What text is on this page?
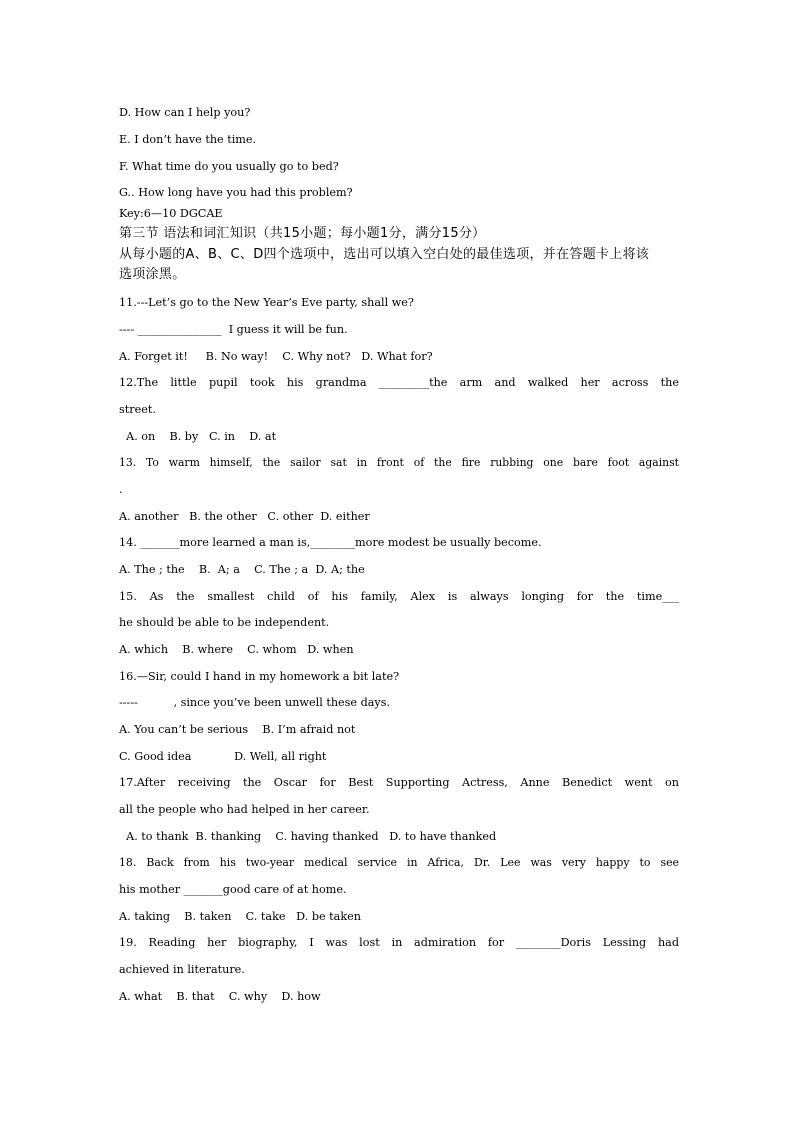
D. How can I help you?
E. I don’t have the time.
F. What time do you usually go to bed?
G.. How long have you had this problem?
Key:6—10 DGCAE
第三节 语法和词汇知识（共15小题；每小题1分，满分15分）
从每小题的A、B、C、D四个选项中，选出可以填入空白处的最佳选项，并在答题卡上将该
选项涂黑。
11.---Let’s go to the New Year’s Eve party, shall we?
---- _______________  I guess it will be fun.
A. Forget it!     B. No way!    C. Why not?   D. What for?
12.The little pupil took his grandma _________the arm and walked her across the
street.
A. on    B. by   C. in    D. at
13. To warm himself, the sailor sat in front of the fire rubbing one bare foot against
.
A. another   B. the other   C. other  D. either
14. _______more learned a man is,________more modest be usually become.
A. The ; the    B.  A; a    C. The ; a  D. A; the
15. As the smallest child of his family, Alex is always longing for the time___
he should be able to be independent.
A. which    B. where    C. whom   D. when
16.—Sir, could I hand in my homework a bit late?
-----          , since you’ve been unwell these days.
A. You can’t be serious    B. I’m afraid not
C. Good idea            D. Well, all right
17.After receiving the Oscar for Best Supporting Actress, Anne Benedict went on
all the people who had helped in her career.
A. to thank  B. thanking    C. having thanked   D. to have thanked
18. Back from his two-year medical service in Africa, Dr. Lee was very happy to see
his mother _______good care of at home.
A. taking    B. taken    C. take   D. be taken
19. Reading her biography, I was lost in admiration for ________Doris Lessing had
achieved in literature.
A. what    B. that    C. why    D. how
